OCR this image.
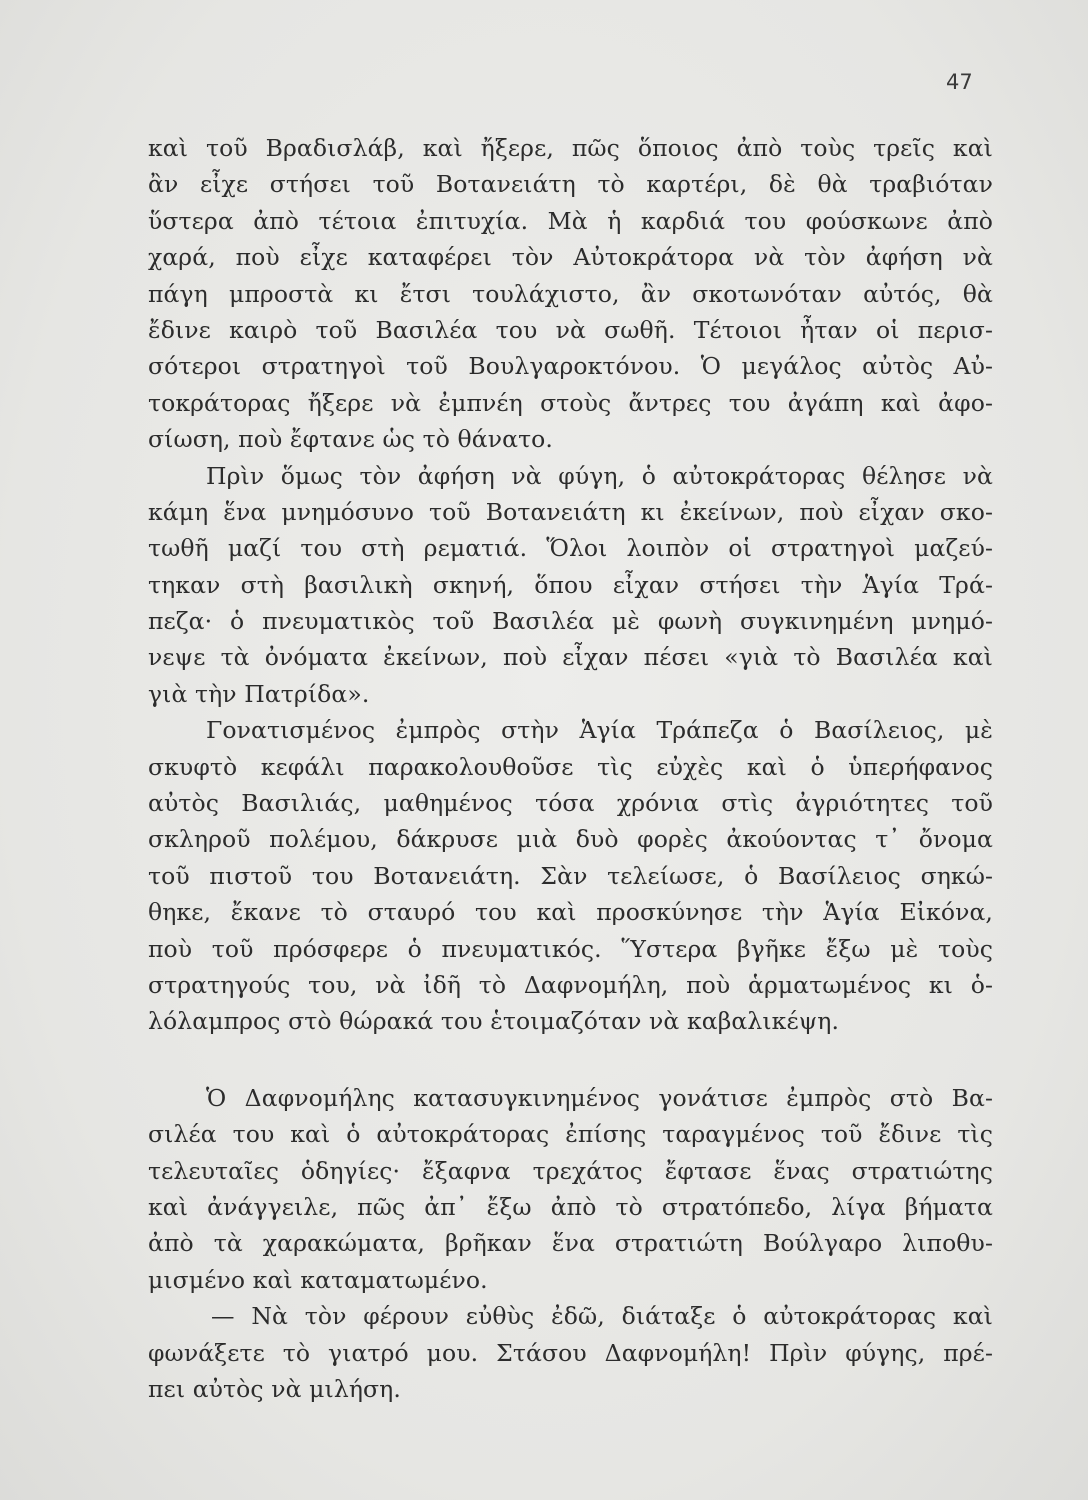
47

καὶ τοῦ Βραδισλάβ, καὶ ἤξερε, πῶς ὅποιος ἀπὸ τοὺς τρεῖς καὶ

ἂν εἶχε στήσει τοῦ Βοτανειάτη τὸ καρτέρι, δὲ θὰ τραβιόταν

ὕστερα ἀπὸ τέτοια ἐπιτυχία. Μὰ ἡ καρδιά του φούσκωνε ἀπὸ

χαρά, ποὺ εἶχε καταφέρει τὸν Αὐτοκράτορα νὰ τὸν ἀφήση νὰ

πάγη μπροστὰ κι ἔτσι τουλάχιστο, ἂν σκοτωνόταν αὐτός, θὰ

ἔδινε καιρὸ τοῦ Βασιλέα του νὰ σωθῆ. Τέτοιοι ἦταν οἱ περισ-

σότεροι στρατηγοὶ τοῦ Βουλγαροκτόνου. Ὁ μεγάλος αὐτὸς Αὐ-

τοκράτορας ἤξερε νὰ ἐμπνέη στοὺς ἄντρες του ἀγάπη καὶ ἀφο-

σίωση, ποὺ ἔφτανε ὡς τὸ θάνατο.

Πρὶν ὅμως τὸν ἀφήση νὰ φύγη, ὁ αὐτοκράτορας θέλησε νὰ

κάμη ἕνα μνημόσυνο τοῦ Βοτανειάτη κι ἐκείνων, ποὺ εἶχαν σκο-

τωθῆ μαζί του στὴ ρεματιά. Ὅλοι λοιπὸν οἱ στρατηγοὶ μαζεύ-

τηκαν στὴ βασιλικὴ σκηνή, ὅπου εἶχαν στήσει τὴν Ἁγία Τρά-

πεζα· ὁ πνευματικὸς τοῦ Βασιλέα μὲ φωνὴ συγκινημένη μνημό-

νεψε τὰ ὀνόματα ἐκείνων, ποὺ εἶχαν πέσει «γιὰ τὸ Βασιλέα καὶ

γιὰ τὴν Πατρίδα».

Γονατισμένος ἐμπρὸς στὴν Ἁγία Τράπεζα ὁ Βασίλειος, μὲ

σκυφτὸ κεφάλι παρακολουθοῦσε τὶς εὐχὲς καὶ ὁ ὑπερήφανος

αὐτὸς Βασιλιάς, μαθημένος τόσα χρόνια στὶς ἀγριότητες τοῦ

σκληροῦ πολέμου, δάκρυσε μιὰ δυὸ φορὲς ἀκούοντας τ᾽ ὄνομα

τοῦ πιστοῦ του Βοτανειάτη. Σὰν τελείωσε, ὁ Βασίλειος σηκώ-

θηκε, ἔκανε τὸ σταυρό του καὶ προσκύνησε τὴν Ἁγία Εἰκόνα,

ποὺ τοῦ πρόσφερε ὁ πνευματικός. Ὕστερα βγῆκε ἔξω μὲ τοὺς

στρατηγούς του, νὰ ἰδῆ τὸ Δαφνομήλη, ποὺ ἁρματωμένος κι ὁ-

λόλαμπρος στὸ θώρακά του ἑτοιμαζόταν νὰ καβαλικέψη.

Ὁ Δαφνομήλης κατασυγκινημένος γονάτισε ἐμπρὸς στὸ Βα-

σιλέα του καὶ ὁ αὐτοκράτορας ἐπίσης ταραγμένος τοῦ ἔδινε τὶς

τελευταῖες ὁδηγίες· ἔξαφνα τρεχάτος ἔφτασε ἕνας στρατιώτης

καὶ ἀνάγγειλε, πῶς ἀπ᾽ ἔξω ἀπὸ τὸ στρατόπεδο, λίγα βήματα

ἀπὸ τὰ χαρακώματα, βρῆκαν ἕνα στρατιώτη Βούλγαρο λιποθυ-

μισμένο καὶ καταματωμένο.

— Νὰ τὸν φέρουν εὐθὺς ἐδῶ, διάταξε ὁ αὐτοκράτορας καὶ

φωνάξετε τὸ γιατρό μου. Στάσου Δαφνομήλη! Πρὶν φύγης, πρέ-

πει αὐτὸς νὰ μιλήση.
